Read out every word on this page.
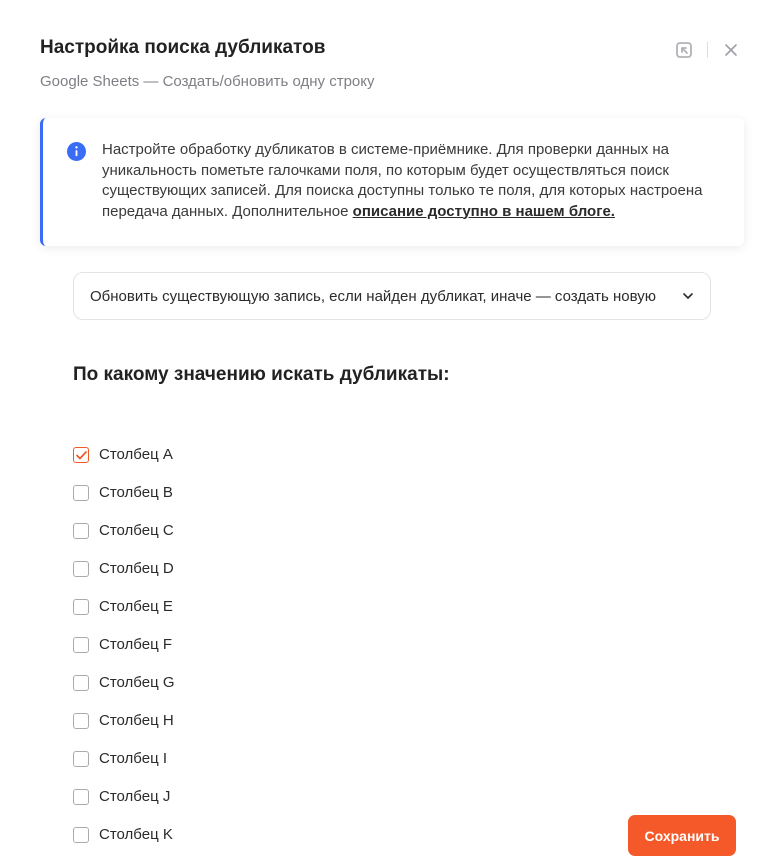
Настройка поиска дубликатов
Google Sheets — Создать/обновить одну строку
Настройте обработку дубликатов в системе-приёмнике. Для проверки данных на уникальность пометьте галочками поля, по которым будет осуществляться поиск существующих записей. Для поиска доступны только те поля, для которых настроена передача данных. Дополнительное описание доступно в нашем блоге.
Обновить существующую запись, если найден дубликат, иначе — создать новую
По какому значению искать дубликаты:
Столбец A
Столбец B
Столбец C
Столбец D
Столбец E
Столбец F
Столбец G
Столбец H
Столбец I
Столбец J
Столбец K	Сохранить
